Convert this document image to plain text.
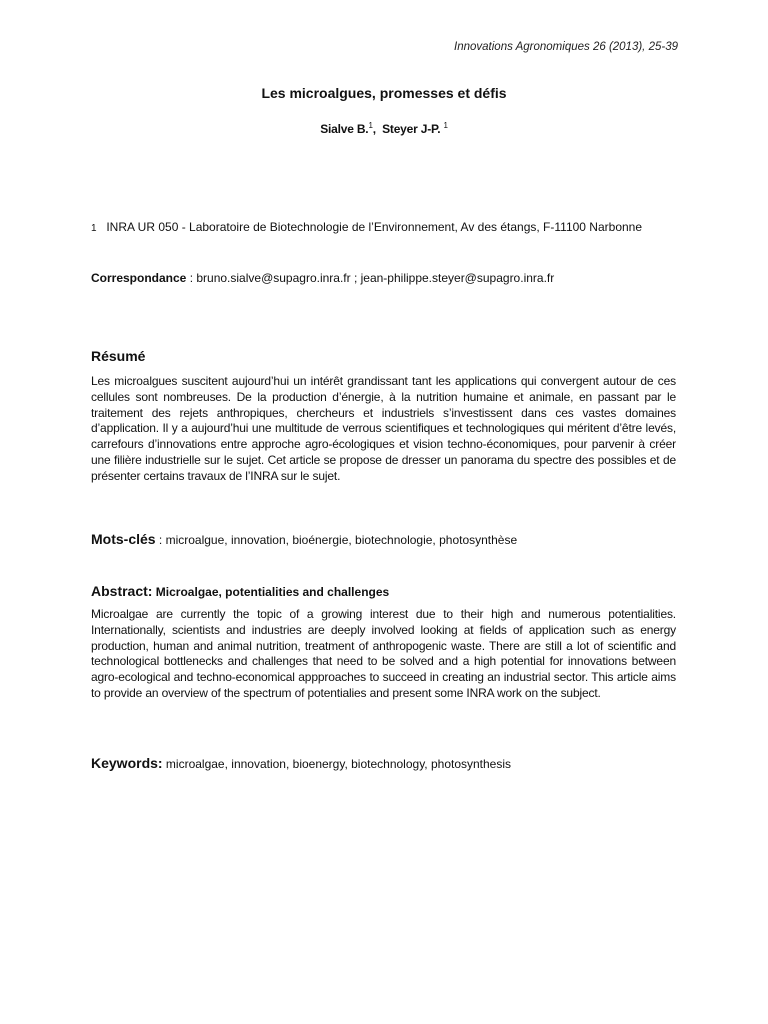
Innovations Agronomiques 26 (2013), 25-39
Les microalgues, promesses et défis
Sialve B.$^1$, Steyer J-P. $^1$
1 INRA UR 050 - Laboratoire de Biotechnologie de l’Environnement, Av des étangs, F-11100 Narbonne
Correspondance : bruno.sialve@supagro.inra.fr ; jean-philippe.steyer@supagro.inra.fr
Résumé
Les microalgues suscitent aujourd’hui un intérêt grandissant tant les applications qui convergent autour de ces cellules sont nombreuses. De la production d’énergie, à la nutrition humaine et animale, en passant par le traitement des rejets anthropiques, chercheurs et industriels s’investissent dans ces vastes domaines d’application. Il y a aujourd’hui une multitude de verrous scientifiques et technologiques qui méritent d’être levés, carrefours d’innovations entre approche agro-écologiques et vision techno-économiques, pour parvenir à créer une filière industrielle sur le sujet. Cet article se propose de dresser un panorama du spectre des possibles et de présenter certains travaux de l’INRA sur le sujet.
Mots-clés : microalgue, innovation, bioénergie, biotechnologie, photosynthèse
Abstract: Microalgae, potentialities and challenges
Microalgae are currently the topic of a growing interest due to their high and numerous potentialities. Internationally, scientists and industries are deeply involved looking at fields of application such as energy production, human and animal nutrition, treatment of anthropogenic waste. There are still a lot of scientific and technological bottlenecks and challenges that need to be solved and a high potential for innovations between agro-ecological and techno-economical appproaches to succeed in creating an industrial sector. This article aims to provide an overview of the spectrum of potentialies and present some INRA work on the subject.
Keywords: microalgae, innovation, bioenergy, biotechnology, photosynthesis
